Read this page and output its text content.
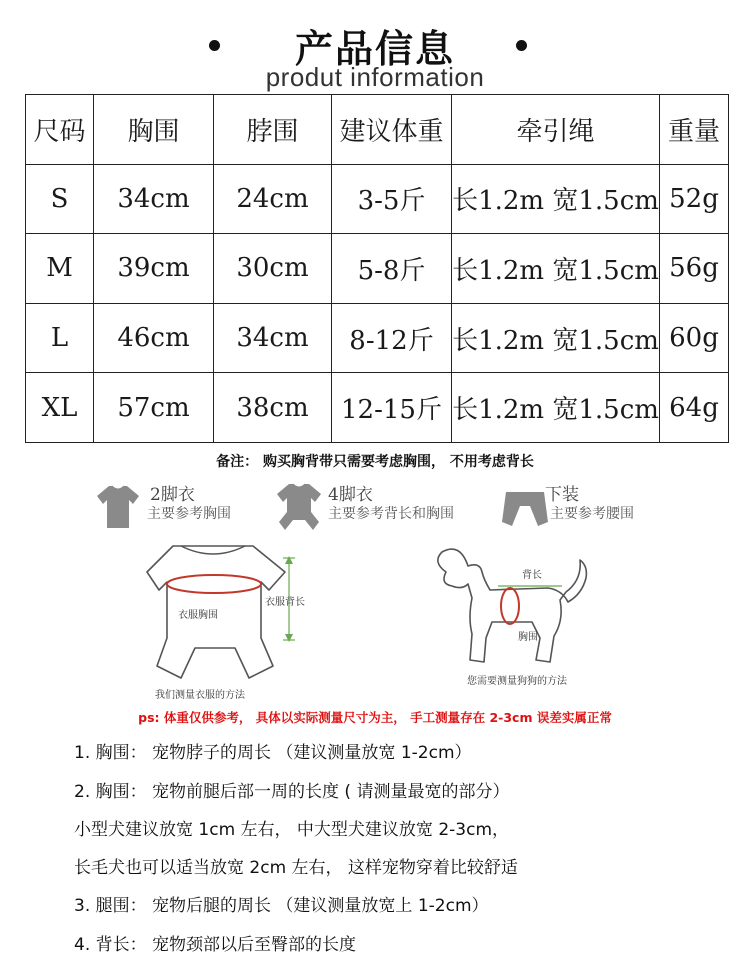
产品信息
produt information
尺码	胸围	脖围	建议体重	牵引绳	重量
S	34cm	24cm	3-5斤	长1.2m 宽1.5cm	52g
M	39cm	30cm	5-8斤	长1.2m 宽1.5cm	56g
L	46cm	34cm	8-12斤	长1.2m 宽1.5cm	60g
XL	57cm	38cm	12-15斤	长1.2m 宽1.5cm	64g
备注： 购买胸背带只需要考虑胸围， 不用考虑背长
2脚衣
主要参考胸围
4脚衣
主要参考背长和胸围
下装
主要参考腰围
衣服胸围
衣服背长
我们测量衣服的方法
背长
胸围
您需要测量狗狗的方法
ps: 体重仅供参考， 具体以实际测量尺寸为主， 手工测量存在 2-3cm 误差实属正常
1. 胸围： 宠物脖子的周长 （建议测量放宽 1-2cm）
2. 胸围： 宠物前腿后部一周的长度 ( 请测量最宽的部分）
小型犬建议放宽 1cm 左右， 中大型犬建议放宽 2-3cm，
长毛犬也可以适当放宽 2cm 左右， 这样宠物穿着比较舒适
3. 腿围： 宠物后腿的周长 （建议测量放宽上 1-2cm）
4. 背长： 宠物颈部以后至臀部的长度
